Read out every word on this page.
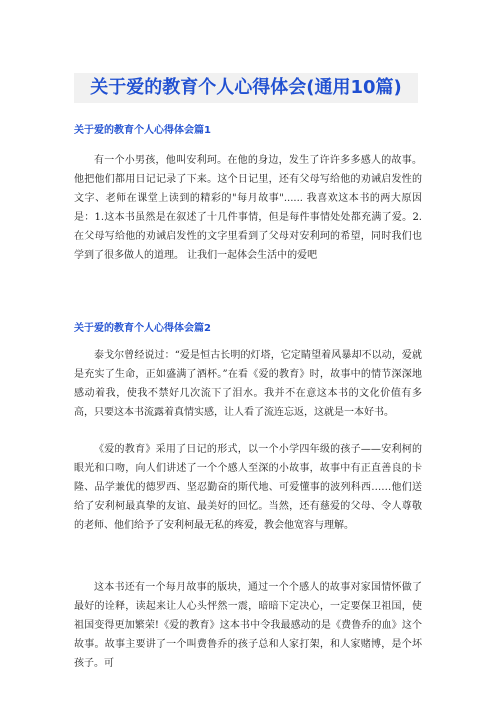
关于爱的教育个人心得体会(通用10篇)
关于爱的教育个人心得体会篇1
有一个小男孩，他叫安利珂。在他的身边，发生了许许多多感人的故事。他把他们都用日记记录了下来。这个日记里，还有父母写给他的劝诫启发性的文字、老师在课堂上读到的精彩的"每月故事"...... 我喜欢这本书的两大原因是：1.这本书虽然是在叙述了十几件事情，但是每件事情处处都充满了爱。2.在父母写给他的劝诫启发性的文字里看到了父母对安利珂的希望，同时我们也学到了很多做人的道理。 让我们一起体会生活中的爱吧
关于爱的教育个人心得体会篇2
泰戈尔曾经说过：“爱是恒古长明的灯塔，它定睛望着风暴却不以动，爱就是充实了生命，正如盛满了酒杯。”在看《爱的教育》时，故事中的情节深深地感动着我，使我不禁好几次流下了泪水。我并不在意这本书的文化价值有多高，只要这本书流露着真情实感，让人看了流连忘返，这就是一本好书。
《爱的教育》采用了日记的形式，以一个小学四年级的孩子——安利柯的眼光和口吻，向人们讲述了一个个感人至深的小故事，故事中有正直善良的卡隆、品学兼优的德罗西、坚忍勤奋的斯代地、可爱懂事的波列科西……他们送给了安利柯最真挚的友谊、最美好的回忆。当然，还有慈爱的父母、令人尊敬的老师、他们给予了安利柯最无私的疼爱，教会他宽容与理解。
这本书还有一个每月故事的版块，通过一个个感人的故事对家国情怀做了最好的诠释，读起来让人心头怦然一震，暗暗下定决心，一定要保卫祖国，使祖国变得更加繁荣!《爱的教育》这本书中令我最感动的是《费鲁乔的血》这个故事。故事主要讲了一个叫费鲁乔的孩子总和人家打架，和人家赌博，是个坏孩子。可
